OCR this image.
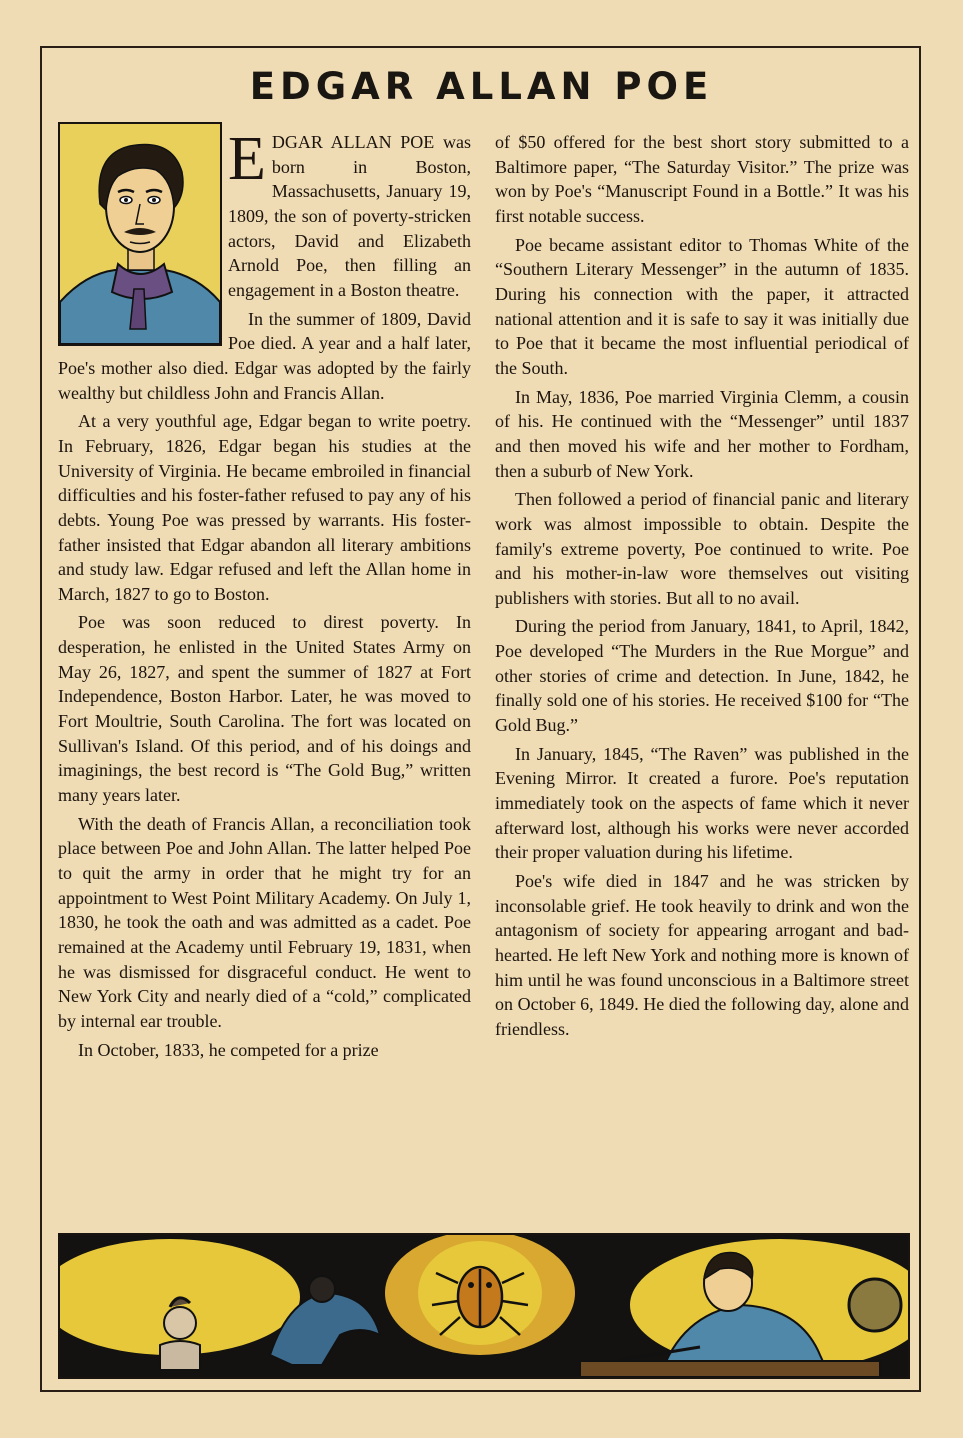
EDGAR ALLAN POE

EDGAR ALLAN POE was born in Boston, Massachusetts, January 19, 1809, the son of poverty-stricken actors, David and Elizabeth Arnold Poe, then filling an engagement in a Boston theatre.

In the summer of 1809, David Poe died. A year and a half later, Poe's mother also died. Edgar was adopted by the fairly wealthy but childless John and Francis Allan.

At a very youthful age, Edgar began to write poetry. In February, 1826, Edgar began his studies at the University of Virginia. He became embroiled in financial difficulties and his foster-father refused to pay any of his debts. Young Poe was pressed by warrants. His foster-father insisted that Edgar abandon all literary ambitions and study law. Edgar refused and left the Allan home in March, 1827 to go to Boston.

Poe was soon reduced to direst poverty. In desperation, he enlisted in the United States Army on May 26, 1827, and spent the summer of 1827 at Fort Independence, Boston Harbor. Later, he was moved to Fort Moultrie, South Carolina. The fort was located on Sullivan's Island. Of this period, and of his doings and imaginings, the best record is “The Gold Bug,” written many years later.

With the death of Francis Allan, a reconciliation took place between Poe and John Allan. The latter helped Poe to quit the army in order that he might try for an appointment to West Point Military Academy. On July 1, 1830, he took the oath and was admitted as a cadet. Poe remained at the Academy until February 19, 1831, when he was dismissed for disgraceful conduct. He went to New York City and nearly died of a “cold,” complicated by internal ear trouble.

In October, 1833, he competed for a prize

of $50 offered for the best short story submitted to a Baltimore paper, “The Saturday Visitor.” The prize was won by Poe's “Manuscript Found in a Bottle.” It was his first notable success.

Poe became assistant editor to Thomas White of the “Southern Literary Messenger” in the autumn of 1835. During his connection with the paper, it attracted national attention and it is safe to say it was initially due to Poe that it became the most influential periodical of the South.

In May, 1836, Poe married Virginia Clemm, a cousin of his. He continued with the “Messenger” until 1837 and then moved his wife and her mother to Fordham, then a suburb of New York.

Then followed a period of financial panic and literary work was almost impossible to obtain. Despite the family's extreme poverty, Poe continued to write. Poe and his mother-in-law wore themselves out visiting publishers with stories. But all to no avail.

During the period from January, 1841, to April, 1842, Poe developed “The Murders in the Rue Morgue” and other stories of crime and detection. In June, 1842, he finally sold one of his stories. He received $100 for “The Gold Bug.”

In January, 1845, “The Raven” was published in the Evening Mirror. It created a furore. Poe's reputation immediately took on the aspects of fame which it never afterward lost, although his works were never accorded their proper valuation during his lifetime.

Poe's wife died in 1847 and he was stricken by inconsolable grief. He took heavily to drink and won the antagonism of society for appearing arrogant and bad-hearted. He left New York and nothing more is known of him until he was found unconscious in a Baltimore street on October 6, 1849. He died the following day, alone and friendless.
